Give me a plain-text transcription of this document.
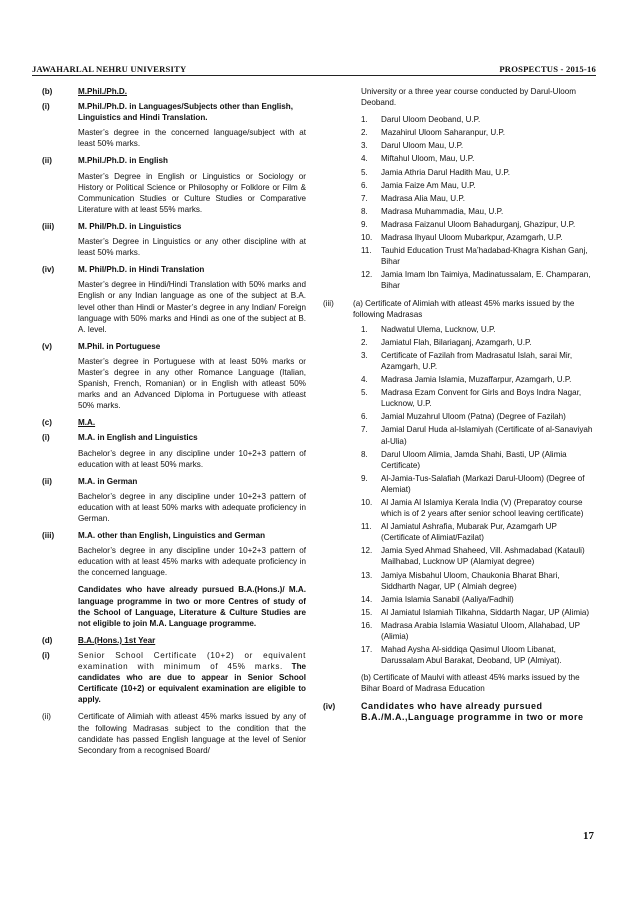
JAWAHARLAL NEHRU UNIVERSITY	PROSPECTUS - 2015-16
(b)	M.Phil./Ph.D.
(i)	M.Phil./Ph.D. in Languages/Subjects other than English, Linguistics and Hindi Translation.
Master’s degree in the concerned language/subject with at least 50% marks.
(ii)	M.Phil./Ph.D. in English
Master’s Degree in English or Linguistics or Sociology or History or Political Science or Philosophy or Folklore or Film & Communication Studies or Culture Studies or Comparative Literature with at least 55% marks.
(iii)	M. Phil/Ph.D. in Linguistics
Master’s Degree in Linguistics or any other discipline with at least 50% marks.
(iv)	M. Phil/Ph.D. in Hindi Translation
Master’s degree in Hindi/Hindi Translation with 50% marks and English or any Indian language as one of the subject at B.A. level other than Hindi or Master’s degree in any Indian/ Foreign language with 50% marks and Hindi as one of the subject at B. A. level.
(v)	M.Phil. in Portuguese
Master’s degree in Portuguese with at least 50% marks or Master’s degree in any other Romance Language (Italian, Spanish, French, Romanian) or in English with atleast 50% marks and an Advanced Diploma in Portuguese with atleast 50% marks.
(c)	M.A.
(i)	M.A. in English and Linguistics
Bachelor’s degree in any discipline under 10+2+3 pattern of education with at least 50% marks.
(ii)	M.A. in German
Bachelor’s degree in any discipline under 10+2+3 pattern of education with at least 50% marks with adequate proficiency in German.
(iii)	M.A. other than English, Linguistics and German
Bachelor’s degree in any discipline under 10+2+3 pattern of education with at least 45% marks with adequate proficiency in the concerned language.
Candidates who have already pursued B.A.(Hons.)/ M.A. language programme in two or more Centres of study of the School of Language, Literature & Culture Studies are not eligible to join M.A. Language programme.
(d)	B.A.(Hons.) 1st Year
(i)	Senior School Certificate (10+2) or equivalent examination with minimum of 45% marks. The candidates who are due to appear in Senior School Certificate (10+2) or equivalent examination are eligible to apply.
(ii)	Certificate of Alimiah with atleast 45% marks issued by any of the following Madrasas subject to the condition that the candidate has passed English language at the level of Senior Secondary from a recognised Board/
University or a three year course conducted by Darul-Uloom Deoband.
1.	Darul Uloom Deoband, U.P.
2.	Mazahirul Uloom Saharanpur, U.P.
3.	Darul Uloom Mau, U.P.
4.	Miftahul Uloom, Mau, U.P.
5.	Jamia Athria Darul Hadith Mau, U.P.
6.	Jamia Faize Am Mau, U.P.
7.	Madrasa Alia Mau, U.P.
8.	Madrasa Muhammadia, Mau, U.P.
9.	Madrasa Faizanul Uloom Bahadurganj, Ghazipur, U.P.
10.	Madrasa Ihyaul Uloom Mubarkpur, Azamgarh, U.P.
11.	Tauhid Education Trust Ma’hadabad-Khagra Kishan Ganj, Bihar
12.	Jamia Imam Ibn Taimiya, Madinatussalam, E. Champaran, Bihar
(iii)	(a) Certificate of Alimiah with atleast 45% marks issued by the following Madrasas
1.	Nadwatul Ulema, Lucknow, U.P.
2.	Jamiatul Flah, Bilariaganj, Azamgarh, U.P.
3.	Certificate of Fazilah from Madrasatul Islah, sarai Mir, Azamgarh, U.P.
4.	Madrasa Jamia Islamia, Muzaffarpur, Azamgarh, U.P.
5.	Madrasa Ezam Convent for Girls and Boys Indra Nagar, Lucknow, U.P.
6.	Jamial Muzahrul Uloom (Patna) (Degree of Fazilah)
7.	Jamial Darul Huda al-Islamiyah (Certificate of al-Sanaviyah al-Ulia)
8.	Darul Uloom Alimia, Jamda Shahi, Basti, UP (Alimia Certificate)
9.	Al-Jamia-Tus-Salafiah (Markazi Darul-Uloom) (Degree of Alemiat)
10.	Al Jamia Al Islamiya Kerala India (V) (Preparatoy course which is of 2 years after senior school leaving certificate)
11.	Al Jamiatul Ashrafia, Mubarak Pur, Azamgarh UP (Certificate of Alimiat/Fazilat)
12.	Jamia Syed Ahmad Shaheed, Vill. Ashmadabad (Katauli) Mailhabad, Lucknow UP (Alamiyat degree)
13.	Jamiya Misbahul Uloom, Chaukonia Bharat Bhari, Siddharth Nagar, UP ( Almiah degree)
14.	Jamia Islamia Sanabil (Aaliya/Fadhil)
15.	Al Jamiatul Islamiah Tilkahna, Siddarth Nagar, UP (Alimia)
16.	Madrasa Arabia Islamia Wasiatul Uloom, Allahabad, UP (Alimia)
17.	Mahad Aysha Al-siddiqa Qasimul Uloom Libanat, Darussalam Abul Barakat, Deoband, UP (Almiyat).
(b) Certificate of Maulvi with atleast 45% marks issued by the Bihar Board of Madrasa Education
(iv)	Candidates who have already pursued B.A./M.A.,Language programme in two or more
17
